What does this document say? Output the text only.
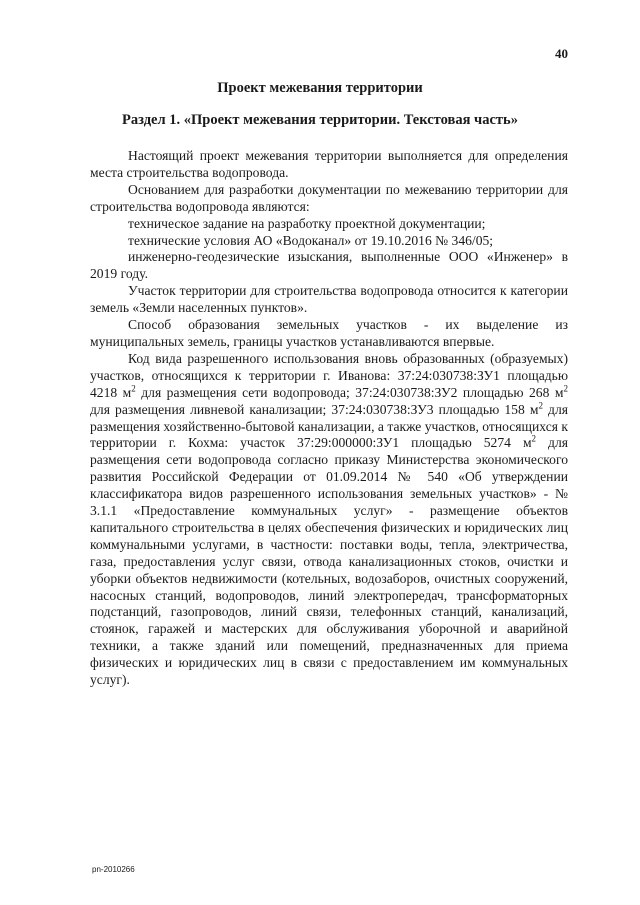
40
Проект межевания территории
Раздел 1. «Проект межевания территории. Текстовая часть»

Настоящий проект межевания территории выполняется для определения места строительства водопровода.

Основанием для разработки документации по межеванию территории для строительства водопровода являются:

техническое задание на разработку проектной документации;

технические условия АО «Водоканал» от 19.10.2016 № 346/05;

инженерно-геодезические изыскания, выполненные ООО «Инженер» в 2019 году.

Участок территории для строительства водопровода относится к категории земель «Земли населенных пунктов».

Способ образования земельных участков - их выделение из муниципальных земель, границы участков устанавливаются впервые.

Код вида разрешенного использования вновь образованных (образуемых) участков, относящихся к территории г. Иванова: 37:24:030738:ЗУ1 площадью 4218 $м^2$ для размещения сети водопровода; 37:24:030738:ЗУ2 площадью 268 $м^2$ для размещения ливневой канализации; 37:24:030738:ЗУ3 площадью 158 $м^2$ для размещения хозяйственно-бытовой канализации, а также участков, относящихся к территории г. Кохма: участок 37:29:000000:ЗУ1 площадью 5274 $м^2$ для размещения сети водопровода согласно приказу Министерства экономического развития Российской Федерации от 01.09.2014 № 540 «Об утверждении классификатора видов разрешенного использования земельных участков» - № 3.1.1 «Предоставление коммунальных услуг» - размещение объектов капитального строительства в целях обеспечения физических и юридических лиц коммунальными услугами, в частности: поставки воды, тепла, электричества, газа, предоставления услуг связи, отвода канализационных стоков, очистки и уборки объектов недвижимости (котельных, водозаборов, очистных сооружений, насосных станций, водопроводов, линий электропередач, трансформаторных подстанций, газопроводов, линий связи, телефонных станций, канализаций, стоянок, гаражей и мастерских для обслуживания уборочной и аварийной техники, а также зданий или помещений, предназначенных для приема физических и юридических лиц в связи с предоставлением им коммунальных услуг).

pn-2010266
